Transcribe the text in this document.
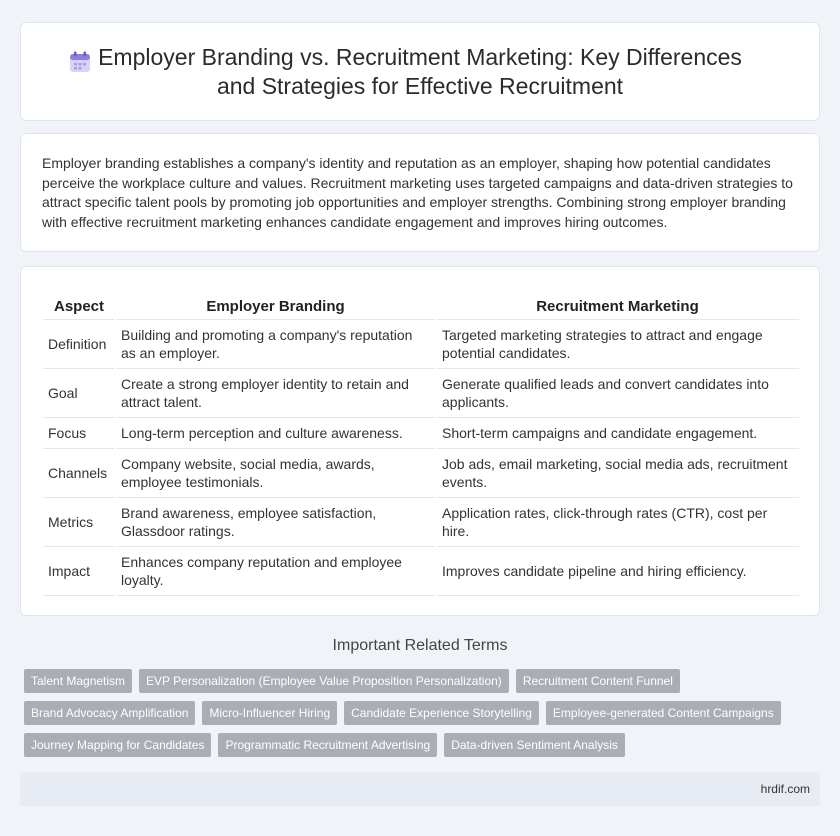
Employer Branding vs. Recruitment Marketing: Key Differences
and Strategies for Effective Recruitment

Employer branding establishes a company's identity and reputation as an employer, shaping how potential candidates perceive the workplace culture and values. Recruitment marketing uses targeted campaigns and data-driven strategies to attract specific talent pools by promoting job opportunities and employer strengths. Combining strong employer branding with effective recruitment marketing enhances candidate engagement and improves hiring outcomes.

Aspect	Employer Branding	Recruitment Marketing
Definition	Building and promoting a company's reputation as an employer.	Targeted marketing strategies to attract and engage potential candidates.
Goal	Create a strong employer identity to retain and attract talent.	Generate qualified leads and convert candidates into applicants.
Focus	Long-term perception and culture awareness.	Short-term campaigns and candidate engagement.
Channels	Company website, social media, awards, employee testimonials.	Job ads, email marketing, social media ads, recruitment events.
Metrics	Brand awareness, employee satisfaction, Glassdoor ratings.	Application rates, click-through rates (CTR), cost per hire.
Impact	Enhances company reputation and employee loyalty.	Improves candidate pipeline and hiring efficiency.
Important Related Terms
Talent Magnetism	EVP Personalization (Employee Value Proposition Personalization)	Recruitment Content Funnel
Brand Advocacy Amplification	Micro-Influencer Hiring	Candidate Experience Storytelling	Employee-generated Content Campaigns
Journey Mapping for Candidates	Programmatic Recruitment Advertising	Data-driven Sentiment Analysis
hrdif.com
